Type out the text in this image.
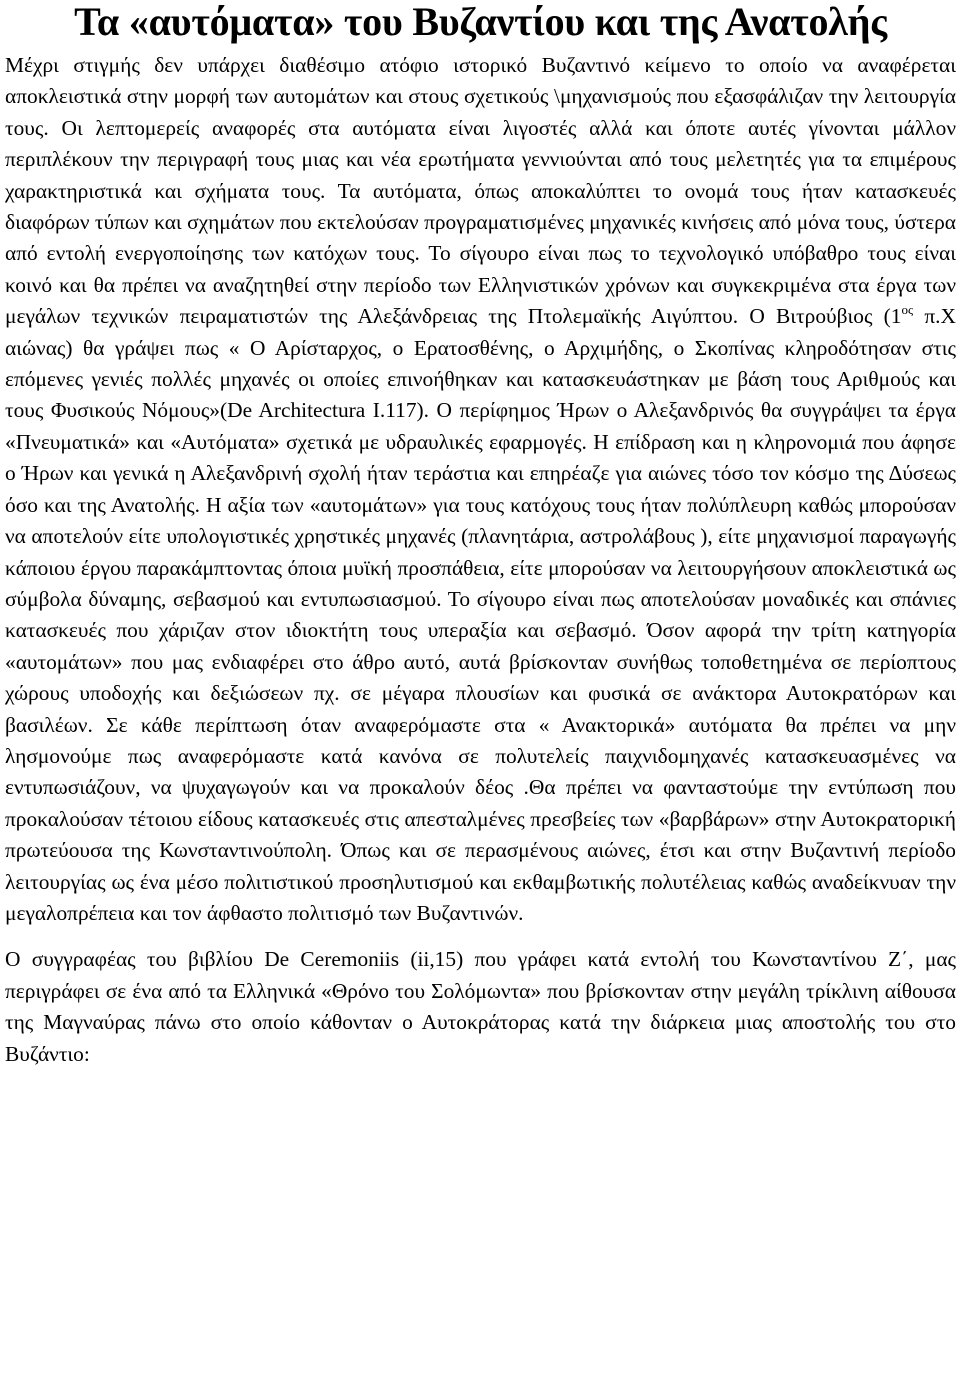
Τα «αυτόματα» του Βυζαντίου και της Ανατολής

Μέχρι στιγμής δεν υπάρχει διαθέσιμο ατόφιο ιστορικό Βυζαντινό κείμενο το οποίο να αναφέρεται αποκλειστικά στην μορφή των αυτομάτων και στους σχετικούς \μηχανισμούς που εξασφάλιζαν την λειτουργία τους. Οι λεπτομερείς αναφορές στα αυτόματα είναι λιγοστές αλλά και όποτε αυτές γίνονται μάλλον περιπλέκουν την περιγραφή τους μιας και νέα ερωτήματα γεννιούνται από τους μελετητές για τα επιμέρους χαρακτηριστικά και σχήματα τους. Τα αυτόματα, όπως αποκαλύπτει το ονομά τους ήταν κατασκευές διαφόρων τύπων και σχημάτων που εκτελούσαν προγραματισμένες μηχανικές κινήσεις από μόνα τους, ύστερα από εντολή ενεργοποίησης των κατόχων τους. Το σίγουρο είναι πως το τεχνολογικό υπόβαθρο τους είναι κοινό και θα πρέπει να αναζητηθεί στην περίοδο των Ελληνιστικών χρόνων και συγκεκριμένα στα έργα των μεγάλων τεχνικών πειραματιστών της Αλεξάνδρειας της Πτολεμαϊκής Αιγύπτου. Ο Βιτρούβιος ($1^{o\varsigma}$ π.Χ αιώνας) θα γράψει πως « Ο Αρίσταρχος, ο Ερατοσθένης, ο Αρχιμήδης, ο Σκοπίνας κληροδότησαν στις επόμενες γενιές πολλές μηχανές οι οποίες επινοήθηκαν και κατασκευάστηκαν με βάση τους Αριθμούς και τους Φυσικούς Νόμους»(De Architectura I.117). Ο περίφημος Ήρων ο Αλεξανδρινός θα συγγράψει τα έργα «Πνευματικά» και «Αυτόματα» σχετικά με υδραυλικές εφαρμογές. Η επίδραση και η κληρονομιά που άφησε ο Ήρων και γενικά η Αλεξανδρινή σχολή ήταν τεράστια και επηρέαζε για αιώνες τόσο τον κόσμο της Δύσεως όσο και της Ανατολής. Η αξία των «αυτομάτων» για τους κατόχους τους ήταν πολύπλευρη καθώς μπορούσαν να αποτελούν είτε υπολογιστικές χρηστικές μηχανές (πλανητάρια, αστρολάβους ), είτε μηχανισμοί παραγωγής κάποιου έργου παρακάμπτοντας όποια μυϊκή προσπάθεια, είτε μπορούσαν να λειτουργήσουν αποκλειστικά ως σύμβολα δύναμης, σεβασμού και εντυπωσιασμού. Το σίγουρο είναι πως αποτελούσαν μοναδικές και σπάνιες κατασκευές που χάριζαν στον ιδιοκτήτη τους υπεραξία και σεβασμό. Όσον αφορά την τρίτη κατηγορία «αυτομάτων» που μας ενδιαφέρει στο άθρο αυτό, αυτά βρίσκονταν συνήθως τοποθετημένα σε περίοπτους χώρους υποδοχής και δεξιώσεων πχ. σε μέγαρα πλουσίων και φυσικά σε ανάκτορα Αυτοκρατόρων και βασιλέων. Σε κάθε περίπτωση όταν αναφερόμαστε στα « Ανακτορικά» αυτόματα θα πρέπει να μην λησμονούμε πως αναφερόμαστε κατά κανόνα σε πολυτελείς παιχνιδομηχανές κατασκευασμένες να εντυπωσιάζουν, να ψυχαγωγούν και να προκαλούν δέος .Θα πρέπει να φανταστούμε την εντύπωση που προκαλούσαν τέτοιου είδους κατασκευές στις απεσταλμένες πρεσβείες των «βαρβάρων» στην Αυτοκρατορική πρωτεύουσα της Κωνσταντινούπολη. Όπως και σε περασμένους αιώνες, έτσι και στην Βυζαντινή περίοδο λειτουργίας ως ένα μέσο πολιτιστικού προσηλυτισμού και εκθαμβωτικής πολυτέλειας καθώς αναδείκνυαν την μεγαλοπρέπεια και τον άφθαστο πολιτισμό των Βυζαντινών.

Ο συγγραφέας του βιβλίου De Ceremoniis (ii,15) που γράφει κατά εντολή του Κωνσταντίνου Ζ΄, μας περιγράφει σε ένα από τα Ελληνικά «Θρόνο του Σολόμωντα» που βρίσκονταν στην μεγάλη τρίκλινη αίθουσα της Μαγναύρας πάνω στο οποίο κάθονταν ο Αυτοκράτορας κατά την διάρκεια μιας αποστολής του στο Βυζάντιο:
